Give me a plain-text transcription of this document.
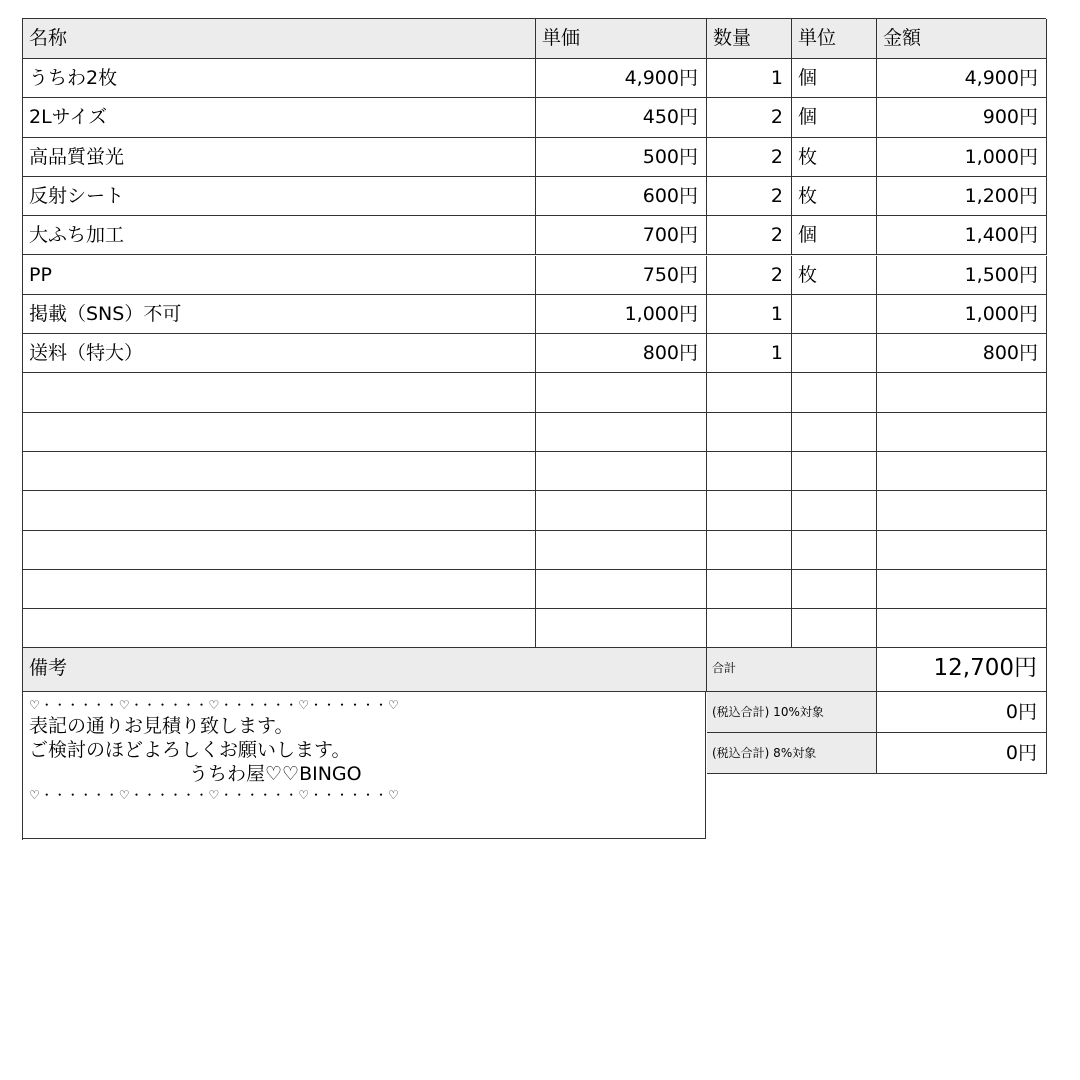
名称	単価	数量	単位	金額
うちわ2枚	4,900円	1 個	4,900円
2Lサイズ	450円	2 個	900円
高品質蛍光	500円	2 枚	1,000円
反射シート	600円	2 枚	1,200円
大ふち加工	700円	2 個	1,400円
PP	750円	2 枚	1,500円
掲載（SNS）不可	1,000円	1	1,000円
送料（特大）	800円	1	800円
備考	合計	12,700円
(税込合計) 10%対象	0円
(税込合計) 8%対象	0円
♡・・・・・・♡・・・・・・♡・・・・・・♡・・・・・・♡
表記の通りお見積り致します。
ご検討のほどよろしくお願いします。
うちわ屋♡♡BINGO
♡・・・・・・♡・・・・・・♡・・・・・・♡・・・・・・♡
